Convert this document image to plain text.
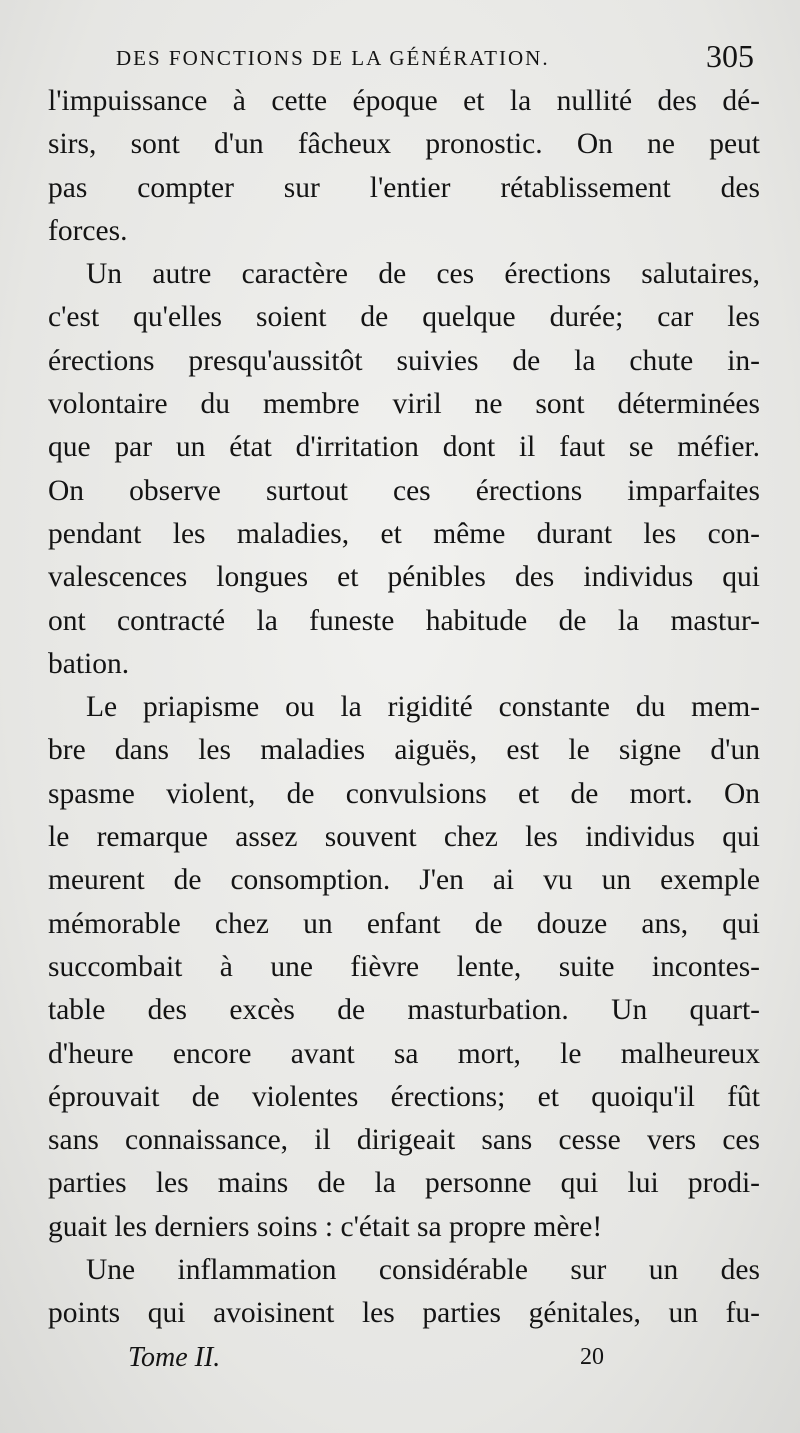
DES FONCTIONS DE LA GÉNÉRATION.	305
l'impuissance à cette époque et la nullité des dé-
sirs, sont d'un fâcheux pronostic. On ne peut
pas compter sur l'entier rétablissement des
forces.
Un autre caractère de ces érections salutaires,
c'est qu'elles soient de quelque durée; car les
érections presqu'aussitôt suivies de la chute in-
volontaire du membre viril ne sont déterminées
que par un état d'irritation dont il faut se méfier.
On observe surtout ces érections imparfaites
pendant les maladies, et même durant les con-
valescences longues et pénibles des individus qui
ont contracté la funeste habitude de la mastur-
bation.
Le priapisme ou la rigidité constante du mem-
bre dans les maladies aiguës, est le signe d'un
spasme violent, de convulsions et de mort. On
le remarque assez souvent chez les individus qui
meurent de consomption. J'en ai vu un exemple
mémorable chez un enfant de douze ans, qui
succombait à une fièvre lente, suite incontes-
table des excès de masturbation. Un quart-
d'heure encore avant sa mort, le malheureux
éprouvait de violentes érections; et quoiqu'il fût
sans connaissance, il dirigeait sans cesse vers ces
parties les mains de la personne qui lui prodi-
guait les derniers soins : c'était sa propre mère!
Une inflammation considérable sur un des
points qui avoisinent les parties génitales, un fu-
Tome II.	20
